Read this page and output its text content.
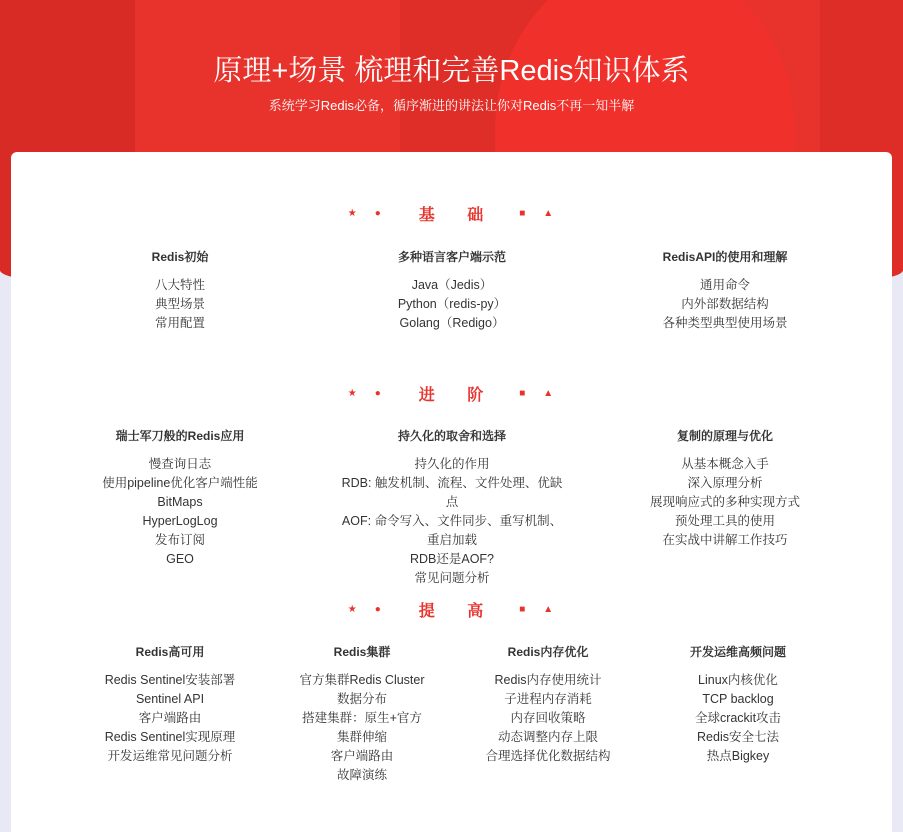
原理+场景 梳理和完善Redis知识体系

系统学习Redis必备，循序渐进的讲法让你对Redis不再一知半解

★ ● 基 础 ■ ▲
Redis初始
八大特性
典型场景
常用配置
多种语言客户端示范
Java（Jedis）
Python（redis-py）
Golang（Redigo）
RedisAPI的使用和理解
通用命令
内外部数据结构
各种类型典型使用场景
★ ● 进 阶 ■ ▲
瑞士军刀般的Redis应用
慢查询日志
使用pipeline优化客户端性能
BitMaps
HyperLogLog
发布订阅
GEO
持久化的取舍和选择
持久化的作用
RDB: 触发机制、流程、文件处理、优缺点
AOF: 命令写入、文件同步、重写机制、重启加载
RDB还是AOF?
常见问题分析
复制的原理与优化
从基本概念入手
深入原理分析
展现响应式的多种实现方式
预处理工具的使用
在实战中讲解工作技巧
★ ● 提 高 ■ ▲
Redis高可用
Redis Sentinel安装部署
Sentinel API
客户端路由
Redis Sentinel实现原理
开发运维常见问题分析
Redis集群
官方集群Redis Cluster
数据分布
搭建集群：原生+官方
集群伸缩
客户端路由
故障演练
Redis内存优化
Redis内存使用统计
子进程内存消耗
内存回收策略
动态调整内存上限
合理选择优化数据结构
开发运维高频问题
Linux内核优化
TCP backlog
全球crackit攻击
Redis安全七法
热点Bigkey
